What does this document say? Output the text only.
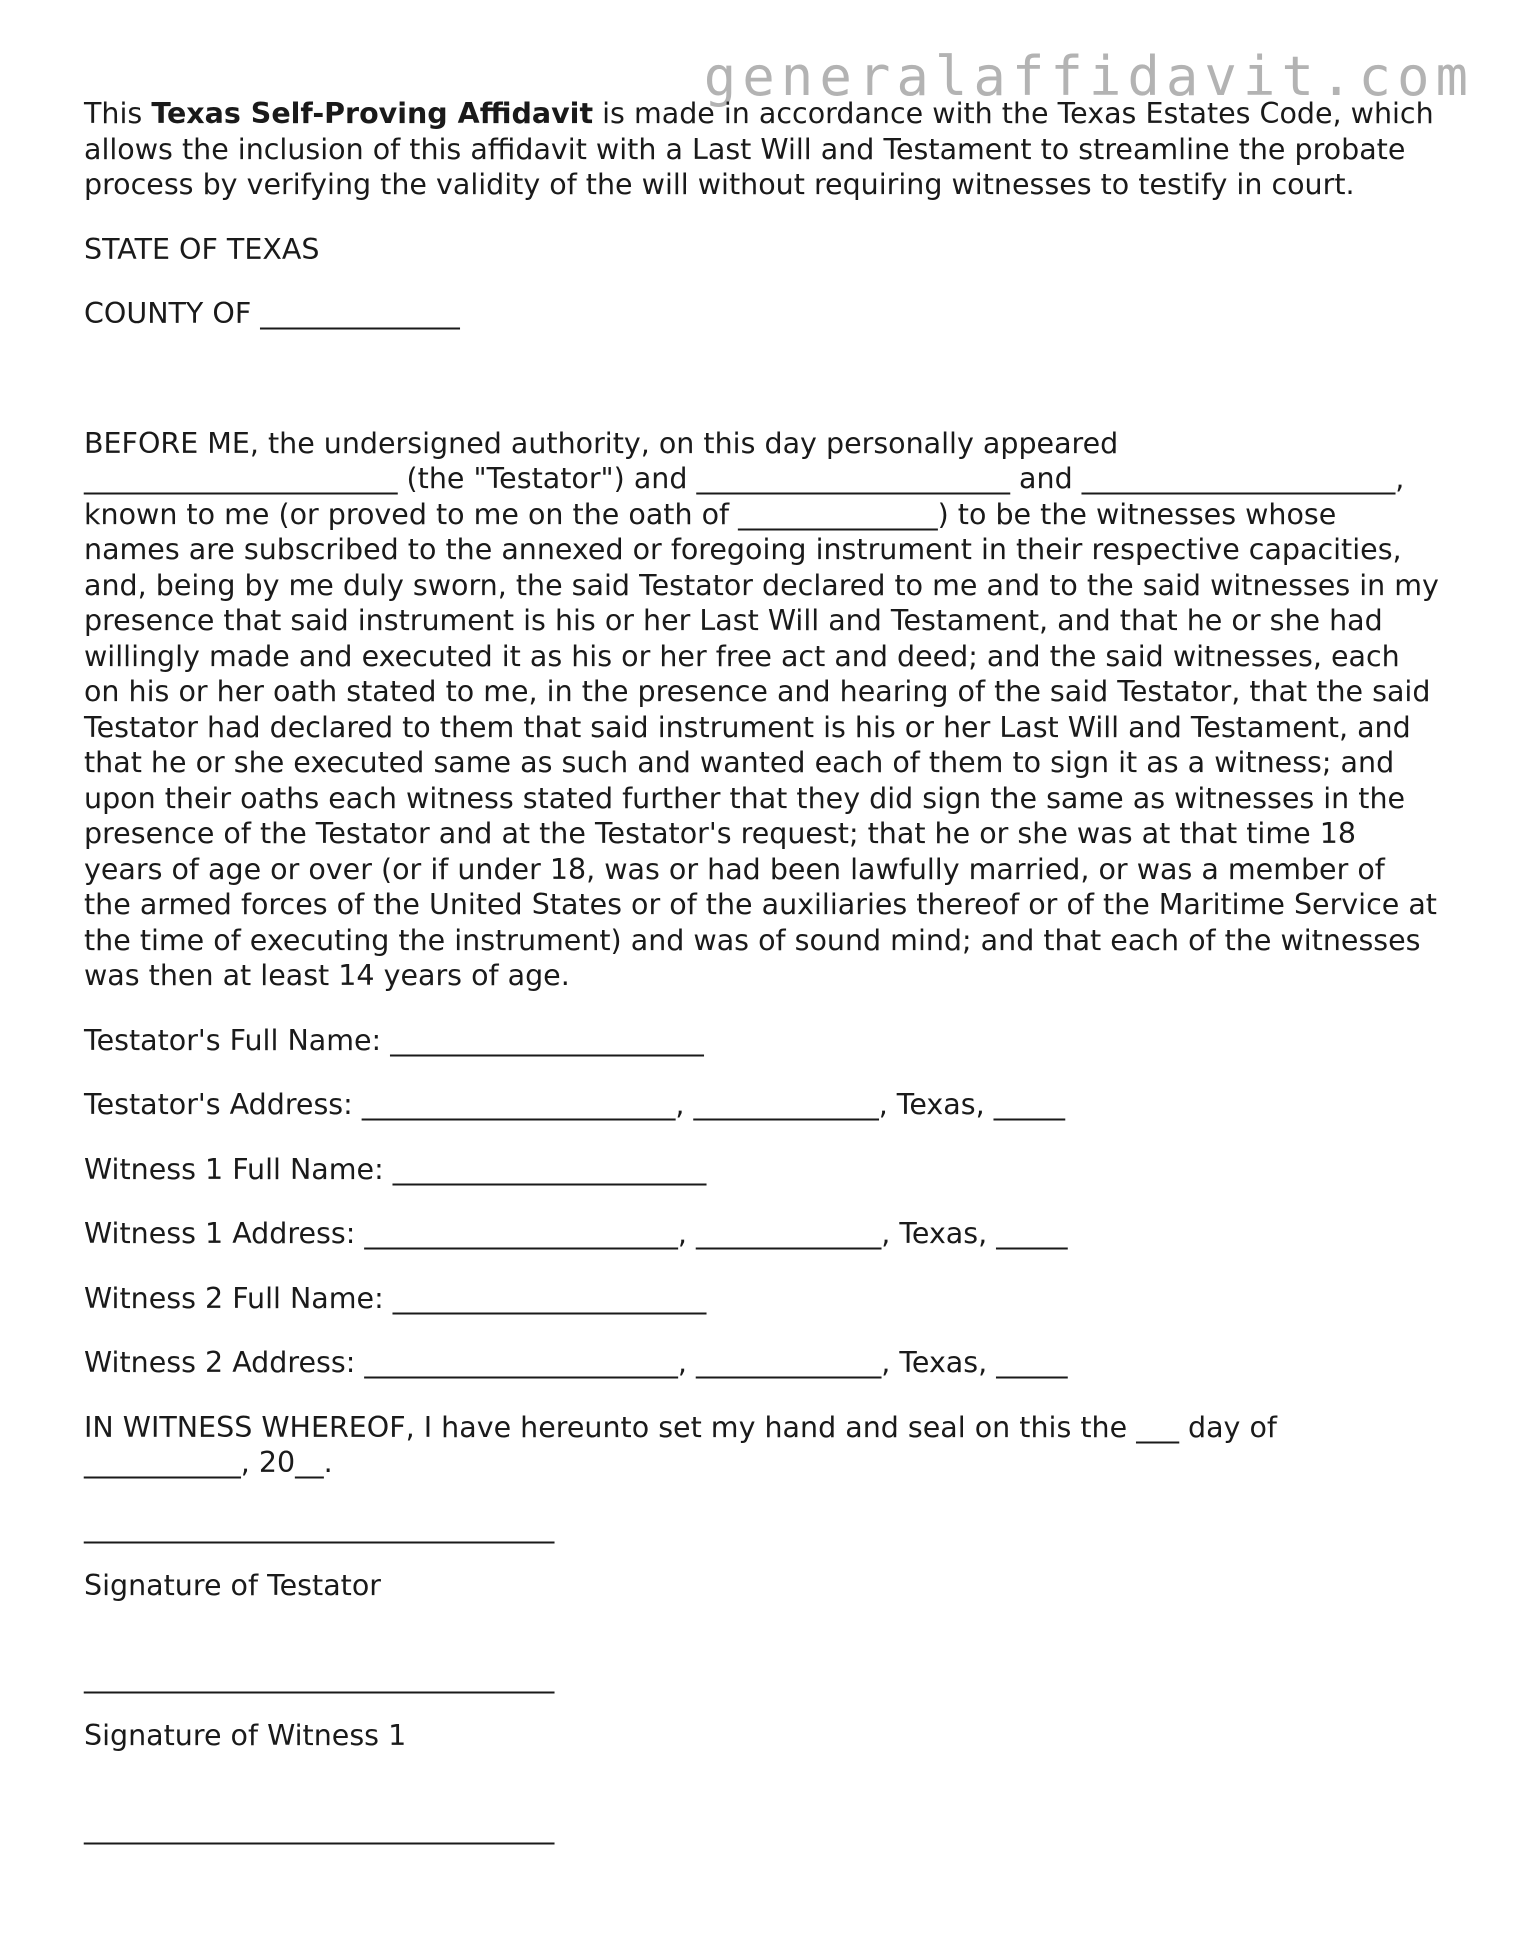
generalaffidavit.com

This Texas Self-Proving Affidavit is made in accordance with the Texas Estates Code, which allows the inclusion of this affidavit with a Last Will and Testament to streamline the probate process by verifying the validity of the will without requiring witnesses to testify in court.

STATE OF TEXAS

COUNTY OF ______________

BEFORE ME, the undersigned authority, on this day personally appeared ______________________ (the "Testator") and ______________________ and ______________________, known to me (or proved to me on the oath of ______________) to be the witnesses whose names are subscribed to the annexed or foregoing instrument in their respective capacities, and, being by me duly sworn, the said Testator declared to me and to the said witnesses in my presence that said instrument is his or her Last Will and Testament, and that he or she had willingly made and executed it as his or her free act and deed; and the said witnesses, each on his or her oath stated to me, in the presence and hearing of the said Testator, that the said Testator had declared to them that said instrument is his or her Last Will and Testament, and that he or she executed same as such and wanted each of them to sign it as a witness; and upon their oaths each witness stated further that they did sign the same as witnesses in the presence of the Testator and at the Testator's request; that he or she was at that time 18 years of age or over (or if under 18, was or had been lawfully married, or was a member of the armed forces of the United States or of the auxiliaries thereof or of the Maritime Service at the time of executing the instrument) and was of sound mind; and that each of the witnesses was then at least 14 years of age.

Testator's Full Name: ______________________

Testator's Address: ______________________, _____________, Texas, _____

Witness 1 Full Name: ______________________

Witness 1 Address: ______________________, _____________, Texas, _____

Witness 2 Full Name: ______________________

Witness 2 Address: ______________________, _____________, Texas, _____

IN WITNESS WHEREOF, I have hereunto set my hand and seal on this the ___ day of ___________, 20__.

_________________________________
Signature of Testator
_________________________________
Signature of Witness 1
_________________________________
